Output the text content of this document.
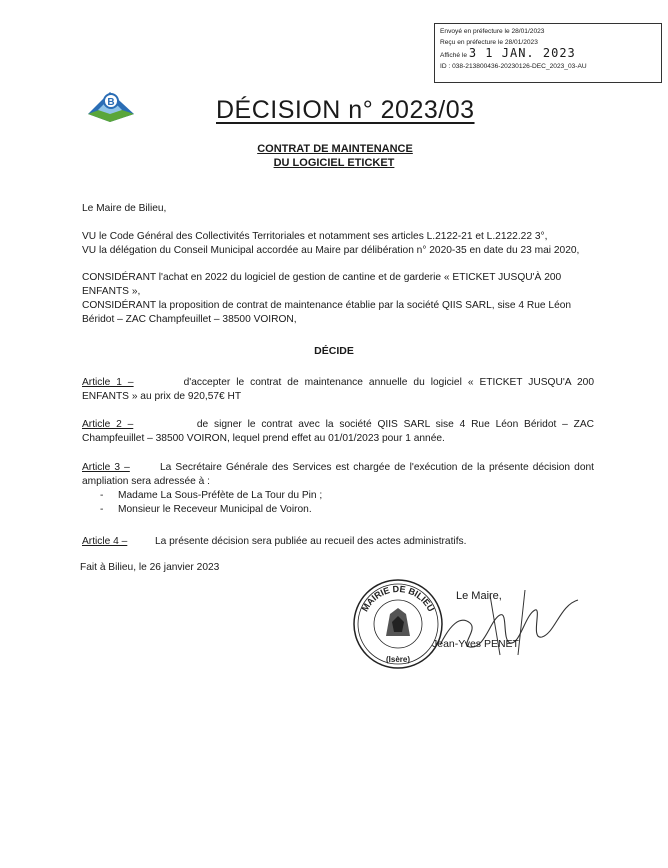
Envoyé en préfecture le 28/01/2023
Reçu en préfecture le 28/01/2023
Affiché le 3 1 JAN. 2023
ID : 038-213800436-20230126-DEC_2023_03-AU
B	DÉCISION n° 2023/03
CONTRAT DE MAINTENANCE
DU LOGICIEL ETICKET

Le Maire de Bilieu,

VU le Code Général des Collectivités Territoriales et notamment ses articles L.2122-21 et L.2122.22 3°,

VU la délégation du Conseil Municipal accordée au Maire par délibération n° 2020-35 en date du 23 mai 2020,

CONSIDÉRANT l'achat en 2022 du logiciel de gestion de cantine et de garderie « ETICKET JUSQU'À 200 ENFANTS »,

CONSIDÉRANT la proposition de contrat de maintenance établie par la société QIIS SARL, sise 4 Rue Léon Béridot – ZAC Champfeuillet – 38500 VOIRON,

DÉCIDE
Article 1 –	d'accepter le contrat de maintenance annuelle du logiciel « ETICKET JUSQU'A 200 ENFANTS » au prix de 920,57€ HT
Article 2 –	de signer le contrat avec la société QIIS SARL sise 4 Rue Léon Béridot – ZAC Champfeuillet – 38500 VOIRON, lequel prend effet au 01/01/2023 pour 1 année.
Article 3 –	La Secrétaire Générale des Services est chargée de l'exécution de la présente décision dont ampliation sera adressée à :
- Madame La Sous-Préfète de La Tour du Pin ;
- Monsieur le Receveur Municipal de Voiron.
Article 4 –	La présente décision sera publiée au recueil des actes administratifs.
Fait à Bilieu, le 26 janvier 2023
MAIRIE DE BILIEU
(Isère)
Le Maire,
Jean-Yves PENET
